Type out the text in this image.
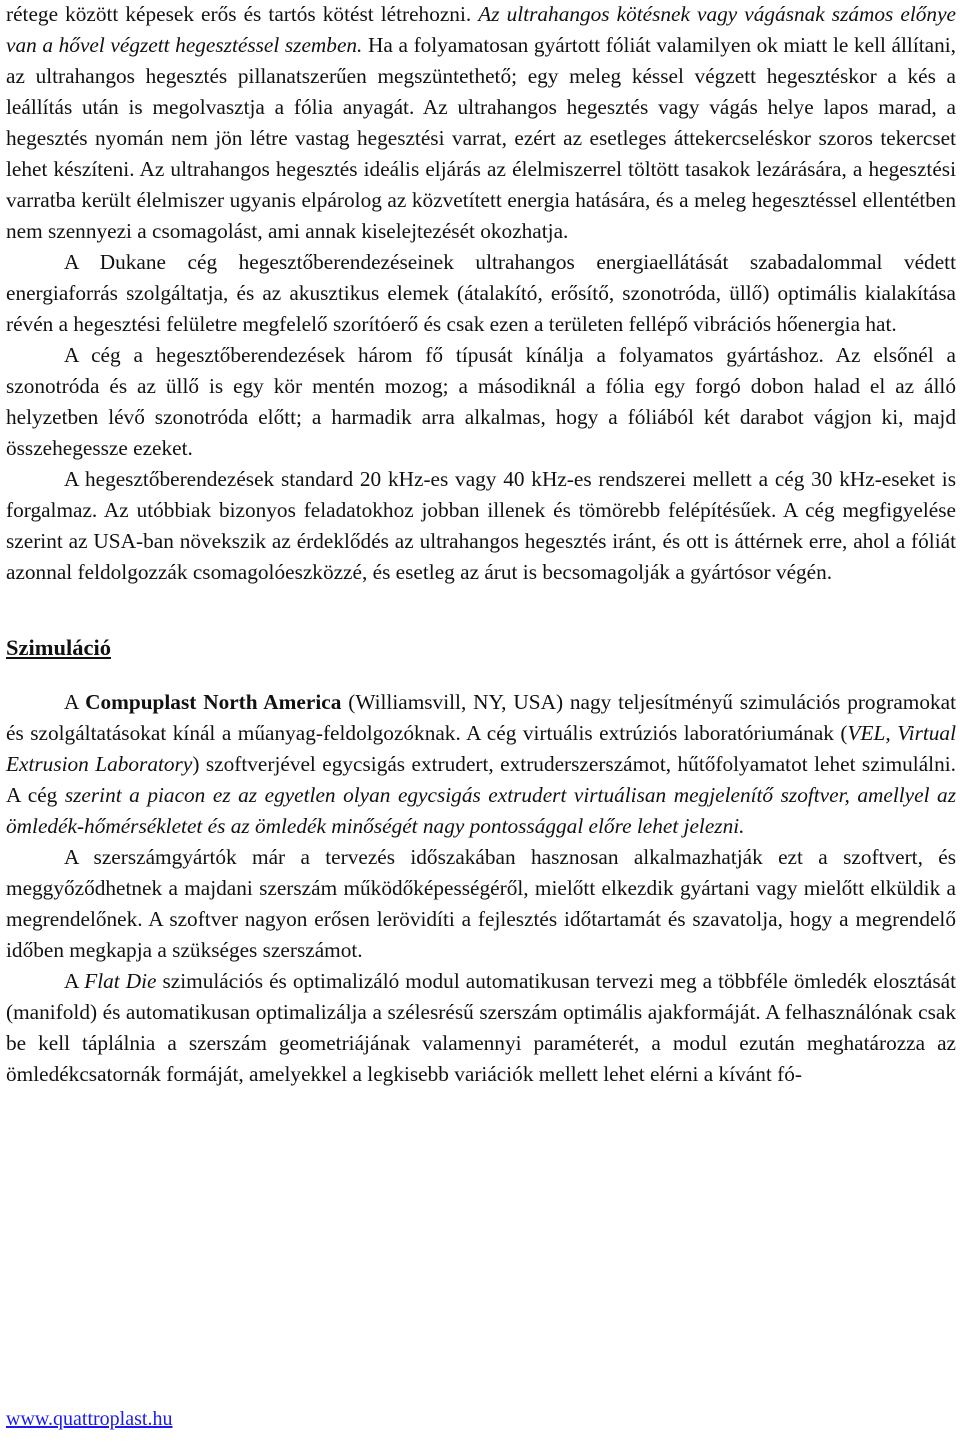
rétege között képesek erős és tartós kötést létrehozni. Az ultrahangos kötésnek vagy vágásnak számos előnye van a hővel végzett hegesztéssel szemben. Ha a folyamatosan gyártott fóliát valamilyen ok miatt le kell állítani, az ultrahangos hegesztés pillanatszerűen megszüntethető; egy meleg késsel végzett hegesztéskor a kés a leállítás után is megolvasztja a fólia anyagát. Az ultrahangos hegesztés vagy vágás helye lapos marad, a hegesztés nyomán nem jön létre vastag hegesztési varrat, ezért az esetleges áttekercseléskor szoros tekercset lehet készíteni. Az ultrahangos hegesztés ideális eljárás az élelmiszerrel töltött tasakok lezárására, a hegesztési varratba került élelmiszer ugyanis elpárolog az közvetített energia hatására, és a meleg hegesztéssel ellentétben nem szennyezi a csomagolást, ami annak kiselejtezését okozhatja.

A Dukane cég hegesztőberendezéseinek ultrahangos energiaellátását szabadalommal védett energiaforrás szolgáltatja, és az akusztikus elemek (átalakító, erősítő, szonotróda, üllő) optimális kialakítása révén a hegesztési felületre megfelelő szorítóerő és csak ezen a területen fellépő vibrációs hőenergia hat.

A cég a hegesztőberendezések három fő típusát kínálja a folyamatos gyártáshoz. Az elsőnél a szonotróda és az üllő is egy kör mentén mozog; a másodiknál a fólia egy forgó dobon halad el az álló helyzetben lévő szonotróda előtt; a harmadik arra alkalmas, hogy a fóliából két darabot vágjon ki, majd összehegessze ezeket.

A hegesztőberendezések standard 20 kHz-es vagy 40 kHz-es rendszerei mellett a cég 30 kHz-eseket is forgalmaz. Az utóbbiak bizonyos feladatokhoz jobban illenek és tömörebb felépítésűek. A cég megfigyelése szerint az USA-ban növekszik az érdeklődés az ultrahangos hegesztés iránt, és ott is áttérnek erre, ahol a fóliát azonnal feldolgozzák csomagolóeszközzé, és esetleg az árut is becsomagolják a gyártósor végén.

Szimuláció

A Compuplast North America (Williamsvill, NY, USA) nagy teljesítményű szimulációs programokat és szolgáltatásokat kínál a műanyag-feldolgozóknak. A cég virtuális extrúziós laboratóriumának (VEL, Virtual Extrusion Laboratory) szoftverjével egycsigás extrudert, extruderszerszámot, hűtőfolyamatot lehet szimulálni. A cég szerint a piacon ez az egyetlen olyan egycsigás extrudert virtuálisan megjelenítő szoftver, amellyel az ömledék-hőmérsékletet és az ömledék minőségét nagy pontossággal előre lehet jelezni.

A szerszámgyártók már a tervezés időszakában hasznosan alkalmazhatják ezt a szoftvert, és meggyőződhetnek a majdani szerszám működőképességéről, mielőtt elkezdik gyártani vagy mielőtt elküldik a megrendelőnek. A szoftver nagyon erősen lerövidíti a fejlesztés időtartamát és szavatolja, hogy a megrendelő időben megkapja a szükséges szerszámot.

A Flat Die szimulációs és optimalizáló modul automatikusan tervezi meg a többféle ömledék elosztását (manifold) és automatikusan optimalizálja a szélesrésű szerszám optimális ajakformáját. A felhasználónak csak be kell táplálnia a szerszám geometriájának valamennyi paraméterét, a modul ezután meghatározza az ömledékcsatornák formáját, amelyekkel a legkisebb variációk mellett lehet elérni a kívánt fó-

www.quattroplast.hu
